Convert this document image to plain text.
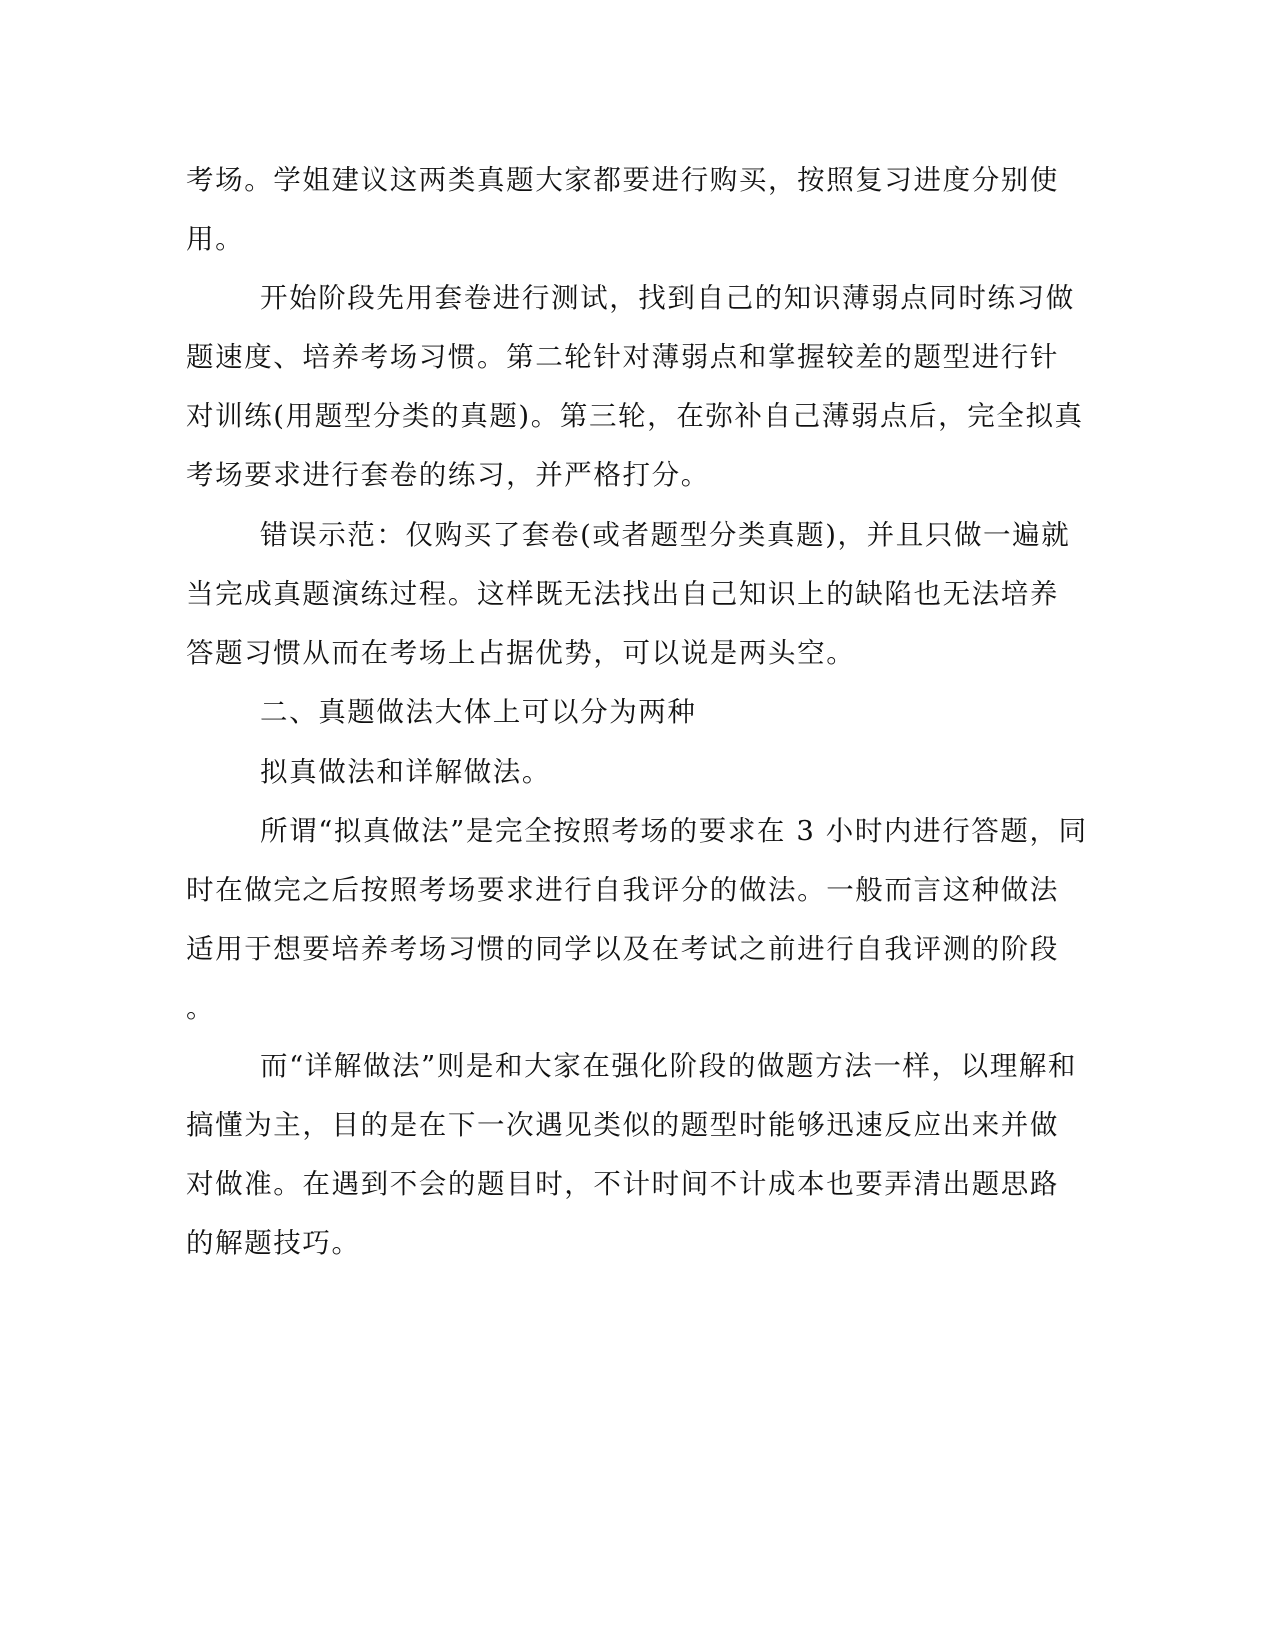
考场。学姐建议这两类真题大家都要进行购买，按照复习进度分别使
用。
开始阶段先用套卷进行测试，找到自己的知识薄弱点同时练习做
题速度、培养考场习惯。第二轮针对薄弱点和掌握较差的题型进行针
对训练(用题型分类的真题)。第三轮，在弥补自己薄弱点后，完全拟真
考场要求进行套卷的练习，并严格打分。
错误示范：仅购买了套卷(或者题型分类真题)，并且只做一遍就
当完成真题演练过程。这样既无法找出自己知识上的缺陷也无法培养
答题习惯从而在考场上占据优势，可以说是两头空。
二、真题做法大体上可以分为两种
拟真做法和详解做法。
所谓“拟真做法”是完全按照考场的要求在 3 小时内进行答题，同
时在做完之后按照考场要求进行自我评分的做法。一般而言这种做法
适用于想要培养考场习惯的同学以及在考试之前进行自我评测的阶段
。
而“详解做法”则是和大家在强化阶段的做题方法一样，以理解和
搞懂为主，目的是在下一次遇见类似的题型时能够迅速反应出来并做
对做准。在遇到不会的题目时，不计时间不计成本也要弄清出题思路
的解题技巧。
